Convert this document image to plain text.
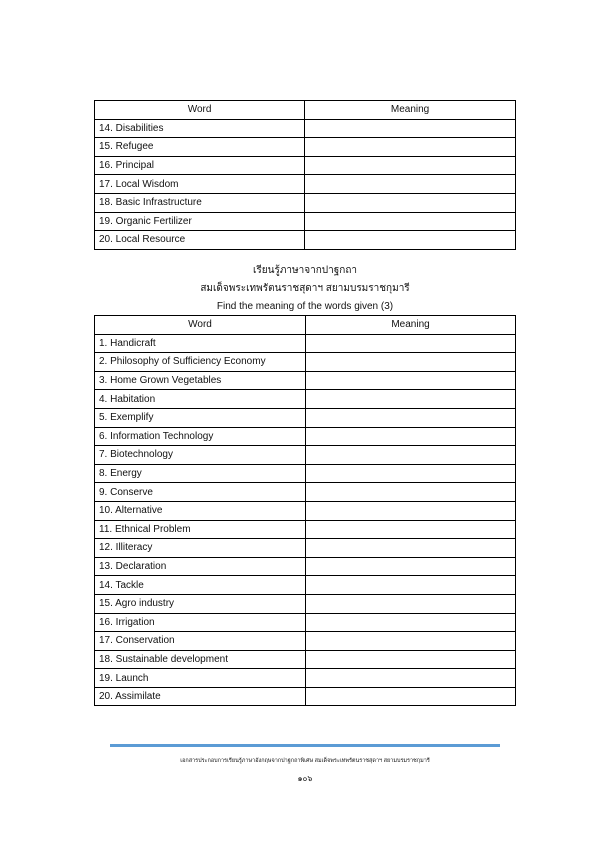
Word	Meaning
14. Disabilities	
15. Refugee	
16. Principal	
17. Local Wisdom	
18. Basic Infrastructure	
19. Organic Fertilizer	
20. Local Resource	
เรียนรู้ภาษาจากปาฐกถา
สมเด็จพระเทพรัตนราชสุดาฯ สยามบรมราชกุมารี
Find the meaning of the words given (3)
Word	Meaning
1. Handicraft	
2. Philosophy of Sufficiency Economy	
3. Home Grown Vegetables	
4. Habitation	
5. Exemplify	
6. Information Technology	
7. Biotechnology	
8. Energy	
9. Conserve	
10. Alternative	
11. Ethnical Problem	
12. Illiteracy	
13. Declaration	
14. Tackle	
15. Agro industry	
16. Irrigation	
17. Conservation	
18. Sustainable development	
19. Launch	
20. Assimilate	
เอกสารประกอบการเรียนรู้ภาษาอังกฤษจากปาฐกถาพิเศษ สมเด็จพระเทพรัตนราชสุดาฯ สยามบรมราชกุมารี
๑๐๖
